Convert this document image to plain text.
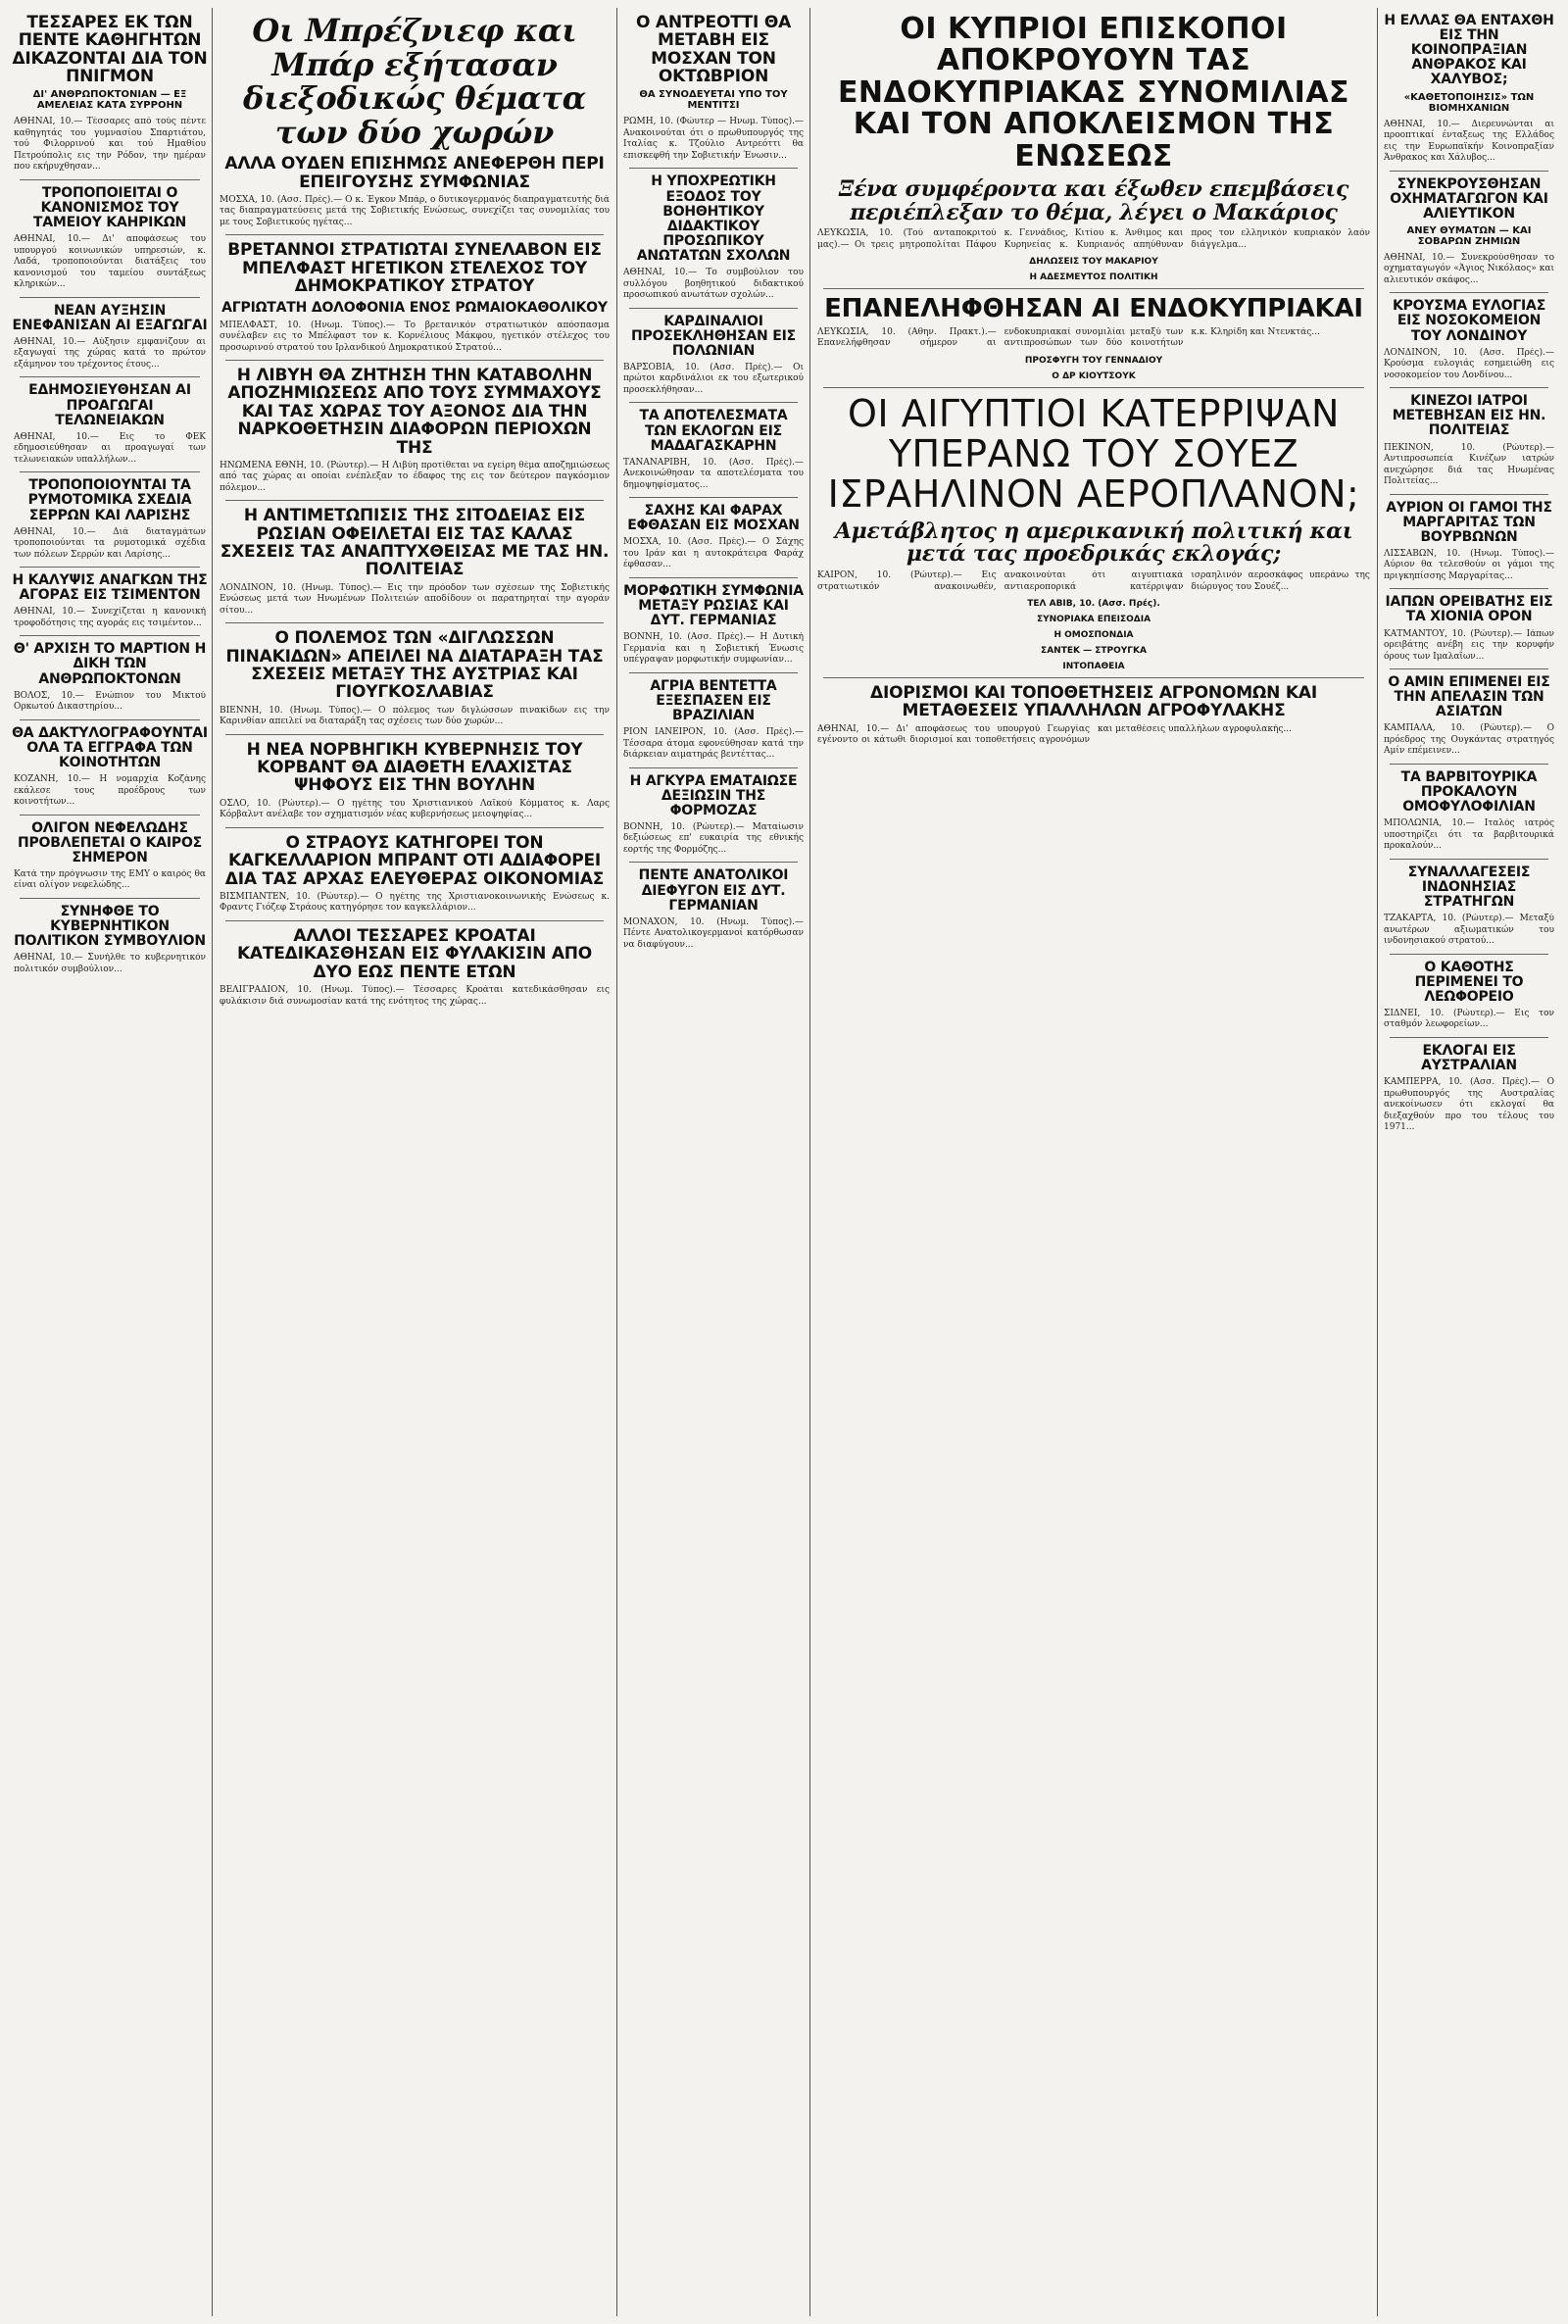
ΤΕΣΣΑΡΕΣ ΕΚ ΤΩΝ ΠΕΝΤΕ ΚΑΘΗΓΗΤΩΝ ΔΙΚΑΖΟΝΤΑΙ ΔΙΑ ΤΟΝ ΠΝΙΓΜΟΝ
ΔΙ' ΑΝΘΡΩΠΟΚΤΟΝΙΑΝ — ΕΞ ΑΜΕΛΕΙΑΣ ΚΑΤΑ ΣΥΡΡΟΗΝ
ΑΘΗΝΑΙ, 10.— Τέσσαρες από τούς πέντε καθηγητάς του γυμνασίου Σπαρτιάτου, τού Φιλορρινού και τού Ημαθίου Πετρούπολις εις την Ρόδον, την ημέραν που εκήρυχθησαν...
ΤΡΟΠΟΠΟΙΕΙΤΑΙ Ο ΚΑΝΟΝΙΣΜΟΣ ΤΟΥ ΤΑΜΕΙΟΥ ΚΑΗΡΙΚΩΝ
ΑΘΗΝΑΙ, 10.— Δι' αποφάσεως του υπουργού κοινωνικών υπηρεσιών, κ. Λαδά, τροποποιούνται διατάξεις του κανονισμού του ταμείου συντάξεως κληρικών...
ΝΕΑΝ ΑΥΞΗΣΙΝ ΕΝΕΦΑΝΙΣΑΝ ΑΙ ΕΞΑΓΩΓΑΙ
ΑΘΗΝΑΙ, 10.— Αύξησιν εμφανίζουν αι εξαγωγαί της χώρας κατά το πρώτον εξάμηνον του τρέχοντος έτους...
ΕΔΗΜΟΣΙΕΥΘΗΣΑΝ ΑΙ ΠΡΟΑΓΩΓΑΙ ΤΕΛΩΝΕΙΑΚΩΝ
ΑΘΗΝΑΙ, 10.— Εις το ΦΕΚ εδημοσιεύθησαν αι προαγωγαί των τελωνειακών υπαλλήλων...
ΤΡΟΠΟΠΟΙΟΥΝΤΑΙ ΤΑ ΡΥΜΟΤΟΜΙΚΑ ΣΧΕΔΙΑ ΣΕΡΡΩΝ ΚΑΙ ΛΑΡΙΣΗΣ
ΑΘΗΝΑΙ, 10.— Διά διαταγμάτων τροποποιούνται τα ρυμοτομικά σχέδια των πόλεων Σερρών και Λαρίσης...
Η ΚΑΛΥΨΙΣ ΑΝΑΓΚΩΝ ΤΗΣ ΑΓΟΡΑΣ ΕΙΣ ΤΣΙΜΕΝΤΟΝ
ΑΘΗΝΑΙ, 10.— Συνεχίζεται η κανονική τροφοδότησις της αγοράς εις τσιμέντον...
Θ' ΑΡΧΙΣΗ ΤΟ ΜΑΡΤΙΟΝ Η ΔΙΚΗ ΤΩΝ ΑΝΘΡΩΠΟΚΤΟΝΩΝ
ΒΟΛΟΣ, 10.— Ενώπιον του Μικτού Ορκωτού Δικαστηρίου...
ΘΑ ΔΑΚΤΥΛΟΓΡΑΦΟΥΝΤΑΙ ΟΛΑ ΤΑ ΕΓΓΡΑΦΑ ΤΩΝ ΚΟΙΝΟΤΗΤΩΝ
ΚΟΖΑΝΗ, 10.— Η νομαρχία Κοζάνης εκάλεσε τους προέδρους των κοινοτήτων...
ΟΛΙΓΟΝ ΝΕΦΕΛΩΔΗΣ ΠΡΟΒΛΕΠΕΤΑΙ Ο ΚΑΙΡΟΣ ΣΗΜΕΡΟΝ
Κατά την πρόγνωσιν της ΕΜΥ ο καιρός θα είναι ολίγον νεφελώδης...
ΣΥΝΗΦΘΕ ΤΟ ΚΥΒΕΡΝΗΤΙΚΟΝ ΠΟΛΙΤΙΚΟΝ ΣΥΜΒΟΥΛΙΟΝ
ΑΘΗΝΑΙ, 10.— Συνήλθε το κυβερνητικόν πολιτικόν συμβούλιον...
Οι Μπρέζνιεφ και Μπάρ εξήτασαν διεξοδικώς θέματα των δύο χωρών
ΑΛΛΑ ΟΥΔΕΝ ΕΠΙΣΗΜΩΣ ΑΝΕΦΕΡΘΗ ΠΕΡΙ ΕΠΕΙΓΟΥΣΗΣ ΣΥΜΦΩΝΙΑΣ
ΜΟΣΧΑ, 10. (Ασσ. Πρές).— Ο κ. Έγκον Μπάρ, ο δυτικογερμανός διαπραγματευτής διά τας διαπραγματεύσεις μετά της Σοβιετικής Ενώσεως, συνεχίζει τας συνομιλίας του με τους Σοβιετικούς ηγέτας...
ΒΡΕΤΑΝΝΟΙ ΣΤΡΑΤΙΩΤΑΙ ΣΥΝΕΛΑΒΟΝ ΕΙΣ ΜΠΕΛΦΑΣΤ ΗΓΕΤΙΚΟΝ ΣΤΕΛΕΧΟΣ ΤΟΥ ΔΗΜΟΚΡΑΤΙΚΟΥ ΣΤΡΑΤΟΥ
ΑΓΡΙΩΤΑΤΗ ΔΟΛΟΦΟΝΙΑ ΕΝΟΣ ΡΩΜΑΙΟΚΑΘΟΛΙΚΟΥ
ΜΠΕΛΦΑΣΤ, 10. (Ηνωμ. Τύπος).— Το βρετανικόν στρατιωτικόν απόσπασμα συνέλαβεν εις το Μπέλφαστ τον κ. Κορνέλιους Μάκφου, ηγετικόν στέλεχος του προσωρινού στρατού του Ιρλανδικού Δημοκρατικού Στρατού...
Η ΛΙΒΥΗ ΘΑ ΖΗΤΗΣΗ ΤΗΝ ΚΑΤΑΒΟΛΗΝ ΑΠΟΖΗΜΙΩΣΕΩΣ ΑΠΟ ΤΟΥΣ ΣΥΜΜΑΧΟΥΣ ΚΑΙ ΤΑΣ ΧΩΡΑΣ ΤΟΥ ΑΞΟΝΟΣ ΔΙΑ ΤΗΝ ΝΑΡΚΟΘΕΤΗΣΙΝ ΔΙΑΦΟΡΩΝ ΠΕΡΙΟΧΩΝ ΤΗΣ
ΗΝΩΜΕΝΑ ΕΘΝΗ, 10. (Ρώυτερ).— Η Λιβύη προτίθεται να εγείρη θέμα αποζημιώσεως από τας χώρας αι οποίαι ενέπλεξαν το έδαφος της εις τον δεύτερον παγκόσμιον πόλεμον...
Η ΑΝΤΙΜΕΤΩΠΙΣΙΣ ΤΗΣ ΣΙΤΟΔΕΙΑΣ ΕΙΣ ΡΩΣΙΑΝ ΟΦΕΙΛΕΤΑΙ ΕΙΣ ΤΑΣ ΚΑΛΑΣ ΣΧΕΣΕΙΣ ΤΑΣ ΑΝΑΠΤΥΧΘΕΙΣΑΣ ΜΕ ΤΑΣ ΗΝ. ΠΟΛΙΤΕΙΑΣ
ΛΟΝΔΙΝΟΝ, 10. (Ηνωμ. Τύπος).— Εις την πρόοδον των σχέσεων της Σοβιετικής Ενώσεως μετά των Ηνωμένων Πολιτειών αποδίδουν οι παρατηρηταί την αγοράν σίτου...
Ο ΠΟΛΕΜΟΣ ΤΩΝ «ΔΙΓΛΩΣΣΩΝ ΠΙΝΑΚΙΔΩΝ» ΑΠΕΙΛΕΙ ΝΑ ΔΙΑΤΑΡΑΞΗ ΤΑΣ ΣΧΕΣΕΙΣ ΜΕΤΑΞΥ ΤΗΣ ΑΥΣΤΡΙΑΣ ΚΑΙ ΓΙΟΥΓΚΟΣΛΑΒΙΑΣ
ΒΙΕΝΝΗ, 10. (Ηνωμ. Τύπος).— Ο πόλεμος των διγλώσσων πινακίδων εις την Καρινθίαν απειλεί να διαταράξη τας σχέσεις των δύο χωρών...
Η ΝΕΑ ΝΟΡΒΗΓΙΚΗ ΚΥΒΕΡΝΗΣΙΣ ΤΟΥ ΚΟΡΒΑΝΤ ΘΑ ΔΙΑΘΕΤΗ ΕΛΑΧΙΣΤΑΣ ΨΗΦΟΥΣ ΕΙΣ ΤΗΝ ΒΟΥΛΗΝ
ΟΣΛΟ, 10. (Ρώυτερ).— Ο ηγέτης του Χριστιανικού Λαϊκού Κόμματος κ. Λαρς Κόρβαλντ ανέλαβε τον σχηματισμόν νέας κυβερνήσεως μειοψηφίας...
Ο ΣΤΡΑΟΥΣ ΚΑΤΗΓΟΡΕΙ ΤΟΝ ΚΑΓΚΕΛΛΑΡΙΟΝ ΜΠΡΑΝΤ ΟΤΙ ΑΔΙΑΦΟΡΕΙ ΔΙΑ ΤΑΣ ΑΡΧΑΣ ΕΛΕΥΘΕΡΑΣ ΟΙΚΟΝΟΜΙΑΣ
ΒΙΣΜΠΑΝΤΕΝ, 10. (Ρώυτερ).— Ο ηγέτης της Χριστιανοκοινωνικής Ενώσεως κ. Φραντς Γιόζεφ Στράους κατηγόρησε τον καγκελλάριον...
ΑΛΛΟΙ ΤΕΣΣΑΡΕΣ ΚΡΟΑΤΑΙ ΚΑΤΕΔΙΚΑΣΘΗΣΑΝ ΕΙΣ ΦΥΛΑΚΙΣΙΝ ΑΠΟ ΔΥΟ ΕΩΣ ΠΕΝΤΕ ΕΤΩΝ
ΒΕΛΙΓΡΑΔΙΟΝ, 10. (Ηνωμ. Τύπος).— Τέσσαρες Κροάται κατεδικάσθησαν εις φυλάκισιν διά συνωμοσίαν κατά της ενότητος της χώρας...
Ο ΑΝΤΡΕΟΤΤΙ ΘΑ ΜΕΤΑΒΗ ΕΙΣ ΜΟΣΧΑΝ ΤΟΝ ΟΚΤΩΒΡΙΟΝ
ΘΑ ΣΥΝΟΔΕΥΕΤΑΙ ΥΠΟ ΤΟΥ ΜΕΝΤΙΤΣΙ
ΡΩΜΗ, 10. (Φώυτερ — Ηνωμ. Τύπος).— Ανακοινούται ότι ο πρωθυπουργός της Ιταλίας κ. Τζούλιο Αντρεόττι θα επισκεφθή την Σοβιετικήν Ένωσιν...
Η ΥΠΟΧΡΕΩΤΙΚΗ ΕΞΟΔΟΣ ΤΟΥ ΒΟΗΘΗΤΙΚΟΥ ΔΙΔΑΚΤΙΚΟΥ ΠΡΟΣΩΠΙΚΟΥ ΑΝΩΤΑΤΩΝ ΣΧΟΛΩΝ
ΑΘΗΝΑΙ, 10.— Το συμβούλιον του συλλόγου βοηθητικού διδακτικού προσωπικού ανωτάτων σχολών...
ΚΑΡΔΙΝΑΛΙΟΙ ΠΡΟΣΕΚΛΗΘΗΣΑΝ ΕΙΣ ΠΟΛΩΝΙΑΝ
ΒΑΡΣΟΒΙΑ, 10. (Ασσ. Πρές).— Οι πρώτοι καρδινάλιοι εκ του εξωτερικού προσεκλήθησαν...
ΤΑ ΑΠΟΤΕΛΕΣΜΑΤΑ ΤΩΝ ΕΚΛΟΓΩΝ ΕΙΣ ΜΑΔΑΓΑΣΚΑΡΗΝ
ΤΑΝΑΝΑΡΙΒΗ, 10. (Ασσ. Πρές).— Ανεκοινώθησαν τα αποτελέσματα του δημοψηφίσματος...
ΣΑΧΗΣ ΚΑΙ ΦΑΡΑΧ ΕΦΘΑΣΑΝ ΕΙΣ ΜΟΣΧΑΝ
ΜΟΣΧΑ, 10. (Ασσ. Πρές).— Ο Σάχης του Ιράν και η αυτοκράτειρα Φαράχ έφθασαν...
ΜΟΡΦΩΤΙΚΗ ΣΥΜΦΩΝΙΑ ΜΕΤΑΞΥ ΡΩΣΙΑΣ ΚΑΙ ΔΥΤ. ΓΕΡΜΑΝΙΑΣ
ΒΟΝΝΗ, 10. (Ασσ. Πρές).— Η Δυτική Γερμανία και η Σοβιετική Ένωσις υπέγραψαν μορφωτικήν συμφωνίαν...
ΑΓΡΙΑ ΒΕΝΤΕΤΤΑ ΕΞΕΣΠΑΣΕΝ ΕΙΣ ΒΡΑΖΙΛΙΑΝ
ΡΙΟΝ ΙΑΝΕΪΡΟΝ, 10. (Ασσ. Πρές).— Τέσσαρα άτομα εφονεύθησαν κατά την διάρκειαν αιματηράς βεντέττας...
Η ΑΓΚΥΡΑ ΕΜΑΤΑΙΩΣΕ ΔΕΞΙΩΣΙΝ ΤΗΣ ΦΟΡΜΟΖΑΣ
ΒΟΝΝΗ, 10. (Ρώυτερ).— Ματαίωσιν δεξιώσεως επ' ευκαιρία της εθνικής εορτής της Φορμόζης...
ΠΕΝΤΕ ΑΝΑΤΟΛΙΚΟΙ ΔΙΕΦΥΓΟΝ ΕΙΣ ΔΥΤ. ΓΕΡΜΑΝΙΑΝ
ΜΟΝΑΧΟΝ, 10. (Ηνωμ. Τύπος).— Πέντε Ανατολικογερμανοί κατόρθωσαν να διαφύγουν...
ΟΙ ΚΥΠΡΙΟΙ ΕΠΙΣΚΟΠΟΙ ΑΠΟΚΡΟΥΟΥΝ ΤΑΣ ΕΝΔΟΚΥΠΡΙΑΚΑΣ ΣΥΝΟΜΙΛΙΑΣ ΚΑΙ ΤΟΝ ΑΠΟΚΛΕΙΣΜΟΝ ΤΗΣ ΕΝΩΣΕΩΣ
Ξένα συμφέροντα και έξωθεν επεμβάσεις περιέπλεξαν το θέμα, λέγει ο Μακάριος
ΛΕΥΚΩΣΙΑ, 10. (Τού ανταποκριτού μας).— Οι τρεις μητροπολίται Πάφου κ. Γεννάδιος, Κιτίου κ. Άνθιμος και Κυρηνείας κ. Κυπριανός απηύθυναν προς τον ελληνικόν κυπριακόν λαόν διάγγελμα...
ΔΗΛΩΣΕΙΣ ΤΟΥ ΜΑΚΑΡΙΟΥ
Η ΑΔΕΣΜΕΥΤΟΣ ΠΟΛΙΤΙΚΗ
ΕΠΑΝΕΛΗΦΘΗΣΑΝ ΑΙ ΕΝΔΟΚΥΠΡΙΑΚΑΙ
ΛΕΥΚΩΣΙΑ, 10. (Αθην. Πρακτ.).— Επανελήφθησαν σήμερον αι ενδοκυπριακαί συνομιλίαι μεταξύ των αντιπροσώπων των δύο κοινοτήτων κ.κ. Κληρίδη και Ντενκτάς...
ΠΡΟΣΦΥΓΗ ΤΟΥ ΓΕΝΝΑΔΙΟΥ
Ο ΔΡ ΚΙΟΥΤΣΟΥΚ
ΟΙ ΑΙΓΥΠΤΙΟΙ ΚΑΤΕΡΡΙΨΑΝ ΥΠΕΡΑΝΩ ΤΟΥ ΣΟΥΕΖ ΙΣΡΑΗΛΙΝΟΝ ΑΕΡΟΠΛΑΝΟΝ;
Αμετάβλητος η αμερικανική πολιτική και μετά τας προεδρικάς εκλογάς;
ΚΑΪΡΟΝ, 10. (Ρώυτερ).— Εις στρατιωτικόν ανακοινωθέν, ανακοινούται ότι αιγυπτιακά αντιαεροπορικά κατέρριψαν ισραηλινόν αεροσκάφος υπεράνω της διώρυγος του Σουέζ...
ΤΕΛ ΑΒΙΒ, 10. (Ασσ. Πρές).
ΣΥΝΟΡΙΑΚΑ ΕΠΕΙΣΟΔΙΑ
Η ΟΜΟΣΠΟΝΔΙΑ
ΣΑΝΤΕΚ — ΣΤΡΟΥΓΚΑ
ΙΝΤΟΠΑΘΕΙΑ
ΔΙΟΡΙΣΜΟΙ ΚΑΙ ΤΟΠΟΘΕΤΗΣΕΙΣ ΑΓΡΟΝΟΜΩΝ ΚΑΙ ΜΕΤΑΘΕΣΕΙΣ ΥΠΑΛΛΗΛΩΝ ΑΓΡΟΦΥΛΑΚΗΣ
ΑΘΗΝΑΙ, 10.— Δι' αποφάσεως του υπουργού Γεωργίας εγένοντο οι κάτωθι διορισμοί και τοποθετήσεις αγρονόμων και μεταθέσεις υπαλλήλων αγροφυλακής...
Η ΕΛΛΑΣ ΘΑ ΕΝΤΑΧΘΗ ΕΙΣ ΤΗΝ ΚΟΙΝΟΠΡΑΞΙΑΝ ΑΝΘΡΑΚΟΣ ΚΑΙ ΧΑΛΥΒΟΣ;
«ΚΑΘΕΤΟΠΟΙΗΣΙΣ» ΤΩΝ ΒΙΟΜΗΧΑΝΙΩΝ
ΑΘΗΝΑΙ, 10.— Διερευνώνται αι προοπτικαί ένταξεως της Ελλάδος εις την Ευρωπαϊκήν Κοινοπραξίαν Άνθρακος και Χάλυβος...
ΣΥΝΕΚΡΟΥΣΘΗΣΑΝ ΟΧΗΜΑΤΑΓΩΓΟΝ ΚΑΙ ΑΛΙΕΥΤΙΚΟΝ
ΑΝΕΥ ΘΥΜΑΤΩΝ — ΚΑΙ ΣΟΒΑΡΩΝ ΖΗΜΙΩΝ
ΑΘΗΝΑΙ, 10.— Συνεκρούσθησαν το οχηματαγωγόν «Άγιος Νικόλαος» και αλιευτικόν σκάφος...
ΚΡΟΥΣΜΑ ΕΥΛΟΓΙΑΣ ΕΙΣ ΝΟΣΟΚΟΜΕΙΟΝ ΤΟΥ ΛΟΝΔΙΝΟΥ
ΛΟΝΔΙΝΟΝ, 10. (Ασσ. Πρές).— Κρούσμα ευλογιάς εσημειώθη εις νοσοκομείον του Λονδίνου...
ΚΙΝΕΖΟΙ ΙΑΤΡΟΙ ΜΕΤΕΒΗΣΑΝ ΕΙΣ ΗΝ. ΠΟΛΙΤΕΙΑΣ
ΠΕΚΙΝΟΝ, 10. (Ρώυτερ).— Αντιπροσωπεία Κινέζων ιατρών ανεχώρησε διά τας Ηνωμένας Πολιτείας...
ΑΥΡΙΟΝ ΟΙ ΓΑΜΟΙ ΤΗΣ ΜΑΡΓΑΡΙΤΑΣ ΤΩΝ ΒΟΥΡΒΩΝΩΝ
ΛΙΣΣΑΒΩΝ, 10. (Ηνωμ. Τύπος).— Αύριον θα τελεσθούν οι γάμοι της πριγκηπίσσης Μαργαρίτας...
ΙΑΠΩΝ ΟΡΕΙΒΑΤΗΣ ΕΙΣ ΤΑ ΧΙΟΝΙΑ ΟΡΟΝ
ΚΑΤΜΑΝΤΟΥ, 10. (Ρώυτερ).— Ιάπων ορειβάτης ανέβη εις την κορυφήν όρους των Ιμαλαΐων...
Ο ΑΜΙΝ ΕΠΙΜΕΝΕΙ ΕΙΣ ΤΗΝ ΑΠΕΛΑΣΙΝ ΤΩΝ ΑΣΙΑΤΩΝ
ΚΑΜΠΑΛΑ, 10. (Ρώυτερ).— Ο πρόεδρος της Ουγκάντας στρατηγός Αμίν επέμεινεν...
ΤΑ ΒΑΡΒΙΤΟΥΡΙΚΑ ΠΡΟΚΑΛΟΥΝ ΟΜΟΦΥΛΟΦΙΛΙΑΝ
ΜΠΟΛΩΝΙΑ, 10.— Ιταλός ιατρός υποστηρίζει ότι τα βαρβιτουρικά προκαλούν...
ΣΥΝΑΛΛΑΓΕΣΕΙΣ ΙΝΔΟΝΗΣΙΑΣ ΣΤΡΑΤΗΓΩΝ
ΤΖΑΚΑΡΤΑ, 10. (Ρώυτερ).— Μεταξύ ανωτέρων αξιωματικών του ινδονησιακού στρατού...
Ο ΚΑΘΟΤΗΣ ΠΕΡΙΜΕΝΕΙ ΤΟ ΛΕΩΦΟΡΕΙΟ
ΣΙΔΝΕΪ, 10. (Ρώυτερ).— Εις τον σταθμόν λεωφορείων...
ΕΚΛΟΓΑΙ ΕΙΣ ΑΥΣΤΡΑΛΙΑΝ
ΚΑΜΠΕΡΡΑ, 10. (Ασσ. Πρές).— Ο πρωθυπουργός της Αυστραλίας ανεκοίνωσεν ότι εκλογαί θα διεξαχθούν προ του τέλους του 1971...
